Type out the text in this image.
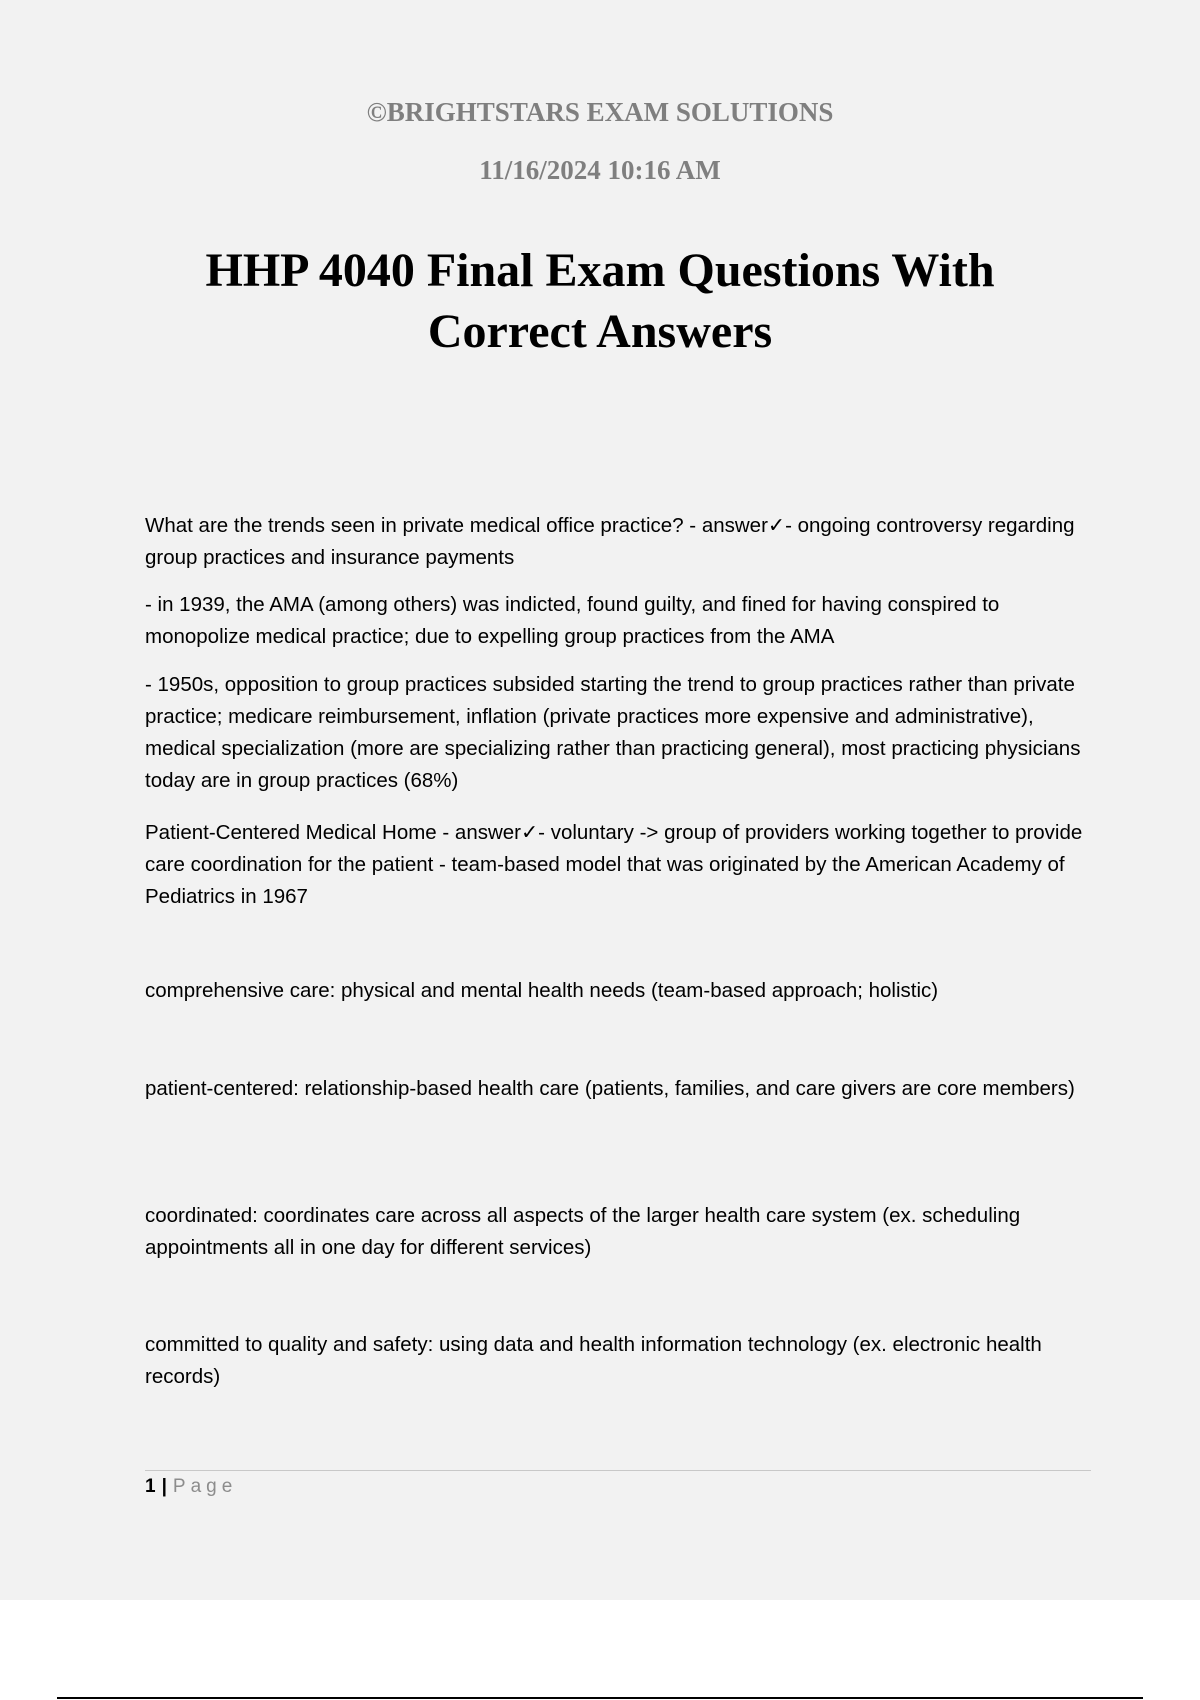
©BRIGHTSTARS EXAM SOLUTIONS
11/16/2024 10:16 AM
HHP 4040 Final Exam Questions With
Correct Answers

What are the trends seen in private medical office practice? - answer✓- ongoing controversy regarding group practices and insurance payments

- in 1939, the AMA (among others) was indicted, found guilty, and fined for having conspired to monopolize medical practice; due to expelling group practices from the AMA

- 1950s, opposition to group practices subsided starting the trend to group practices rather than private practice; medicare reimbursement, inflation (private practices more expensive and administrative), medical specialization (more are specializing rather than practicing general), most practicing physicians today are in group practices (68%)

Patient-Centered Medical Home - answer✓- voluntary -> group of providers working together to provide care coordination for the patient - team-based model that was originated by the American Academy of Pediatrics in 1967

comprehensive care: physical and mental health needs (team-based approach; holistic)

patient-centered: relationship-based health care (patients, families, and care givers are core members)

coordinated: coordinates care across all aspects of the larger health care system (ex. scheduling appointments all in one day for different services)

committed to quality and safety: using data and health information technology (ex. electronic health records)

1 | Page
